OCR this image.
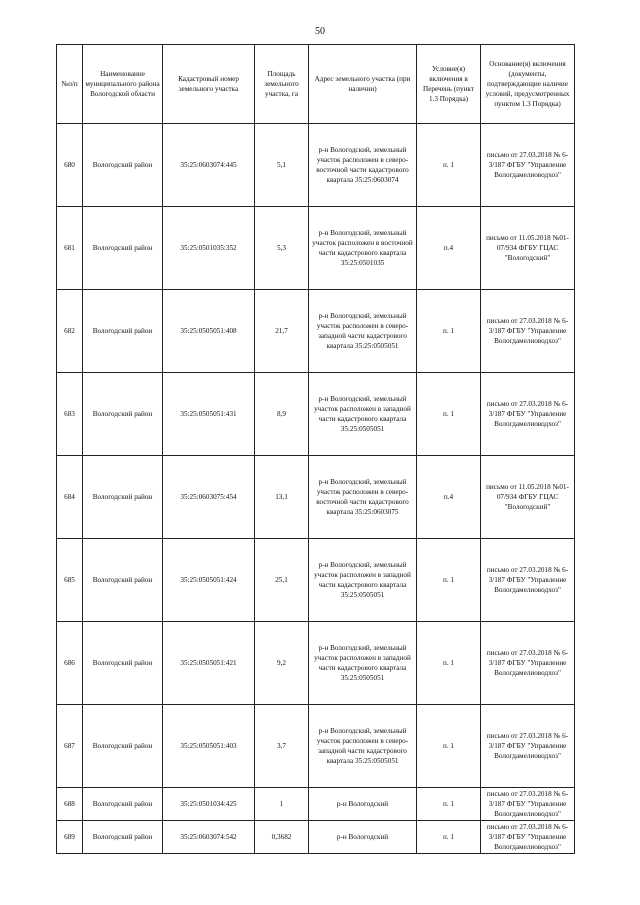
50
№п/п	Наименование муниципального района Вологодской области	Кадастровый номер земельного участка	Площадь земельного участка, га	Адрес земельного участка (при наличии)	Условие(я) включения в Перечень (пункт 1.3 Порядка)	Основание(я) включения (документы, подтверждающие наличие условий, предусмотренных пунктом 1.3 Порядка)
680	Вологодский район	35:25:0603074:445	5,1	р-н Вологодский, земельный участок расположен в северо-восточной части кадастрового квартала 35:25:0603074	п. 1	письмо от 27.03.2018 № 6-3/187 ФГБУ "Управление Вологдамелиоводхоз"
681	Вологодский район	35:25:0501035:352	5,3	р-н Вологодский, земельный участок расположен в восточной части кадастрового квартала 35:25:0501035	п.4	письмо от 11.05.2018 №01-07/934 ФГБУ ГЦАС "Вологодский"
682	Вологодский район	35:25:0505051:408	21,7	р-н Вологодский, земельный участок расположен в северо-западной части кадастрового квартала 35:25:0505051	п. 1	письмо от 27.03.2018 № 6-3/187 ФГБУ "Управление Вологдамелиоводхоз"
683	Вологодский район	35:25:0505051:431	8,9	р-н Вологодский, земельный участок расположен в западной части кадастрового квартала 35:25:0505051	п. 1	письмо от 27.03.2018 № 6-3/187 ФГБУ "Управление Вологдамелиоводхоз"
684	Вологодский район	35:25:0603075:454	13,1	р-н Вологодский, земельный участок расположен в северо-восточной части кадастрового квартала 35:25:0603075	п.4	письмо от 11.05.2018 №01-07/934 ФГБУ ГЦАС "Вологодский"
685	Вологодский район	35:25:0505051:424	25,1	р-н Вологодский, земельный участок расположен в западной части кадастрового квартала 35:25:0505051	п. 1	письмо от 27.03.2018 № 6-3/187 ФГБУ "Управление Вологдамелиоводхоз"
686	Вологодский район	35:25:0505051:421	9,2	р-н Вологодский, земельный участок расположен в западной части кадастрового квартала 35:25:0505051	п. 1	письмо от 27.03.2018 № 6-3/187 ФГБУ "Управление Вологдамелиоводхоз"
687	Вологодский район	35:25:0505051:403	3,7	р-н Вологодский, земельный участок расположен в северо-западной части кадастрового квартала 35:25:0505051	п. 1	письмо от 27.03.2018 № 6-3/187 ФГБУ "Управление Вологдамелиоводхоз"
688	Вологодский район	35:25:0501034:425	1	р-н Вологодский	п. 1	письмо от 27.03.2018 № 6-3/187 ФГБУ "Управление Вологдамелиоводхоз"
689	Вологодский район	35:25:0603074:542	0,3682	р-н Вологодский	п. 1	письмо от 27.03.2018 № 6-3/187 ФГБУ "Управление Вологдамелиоводхоз"
